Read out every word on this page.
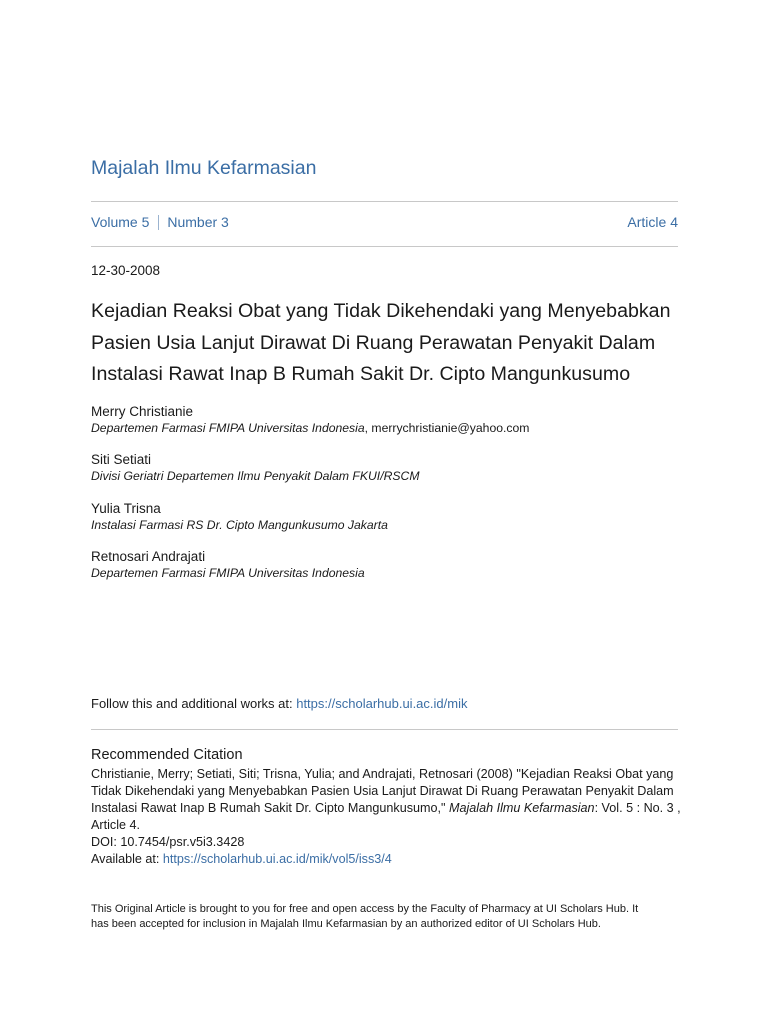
Majalah Ilmu Kefarmasian
Volume 5 Number 3	Article 4
12-30-2008
Kejadian Reaksi Obat yang Tidak Dikehendaki yang Menyebabkan
Pasien Usia Lanjut Dirawat Di Ruang Perawatan Penyakit Dalam
Instalasi Rawat Inap B Rumah Sakit Dr. Cipto Mangunkusumo
Merry Christianie
Departemen Farmasi FMIPA Universitas Indonesia, merrychristianie@yahoo.com
Siti Setiati
Divisi Geriatri Departemen Ilmu Penyakit Dalam FKUI/RSCM
Yulia Trisna
Instalasi Farmasi RS Dr. Cipto Mangunkusumo Jakarta
Retnosari Andrajati
Departemen Farmasi FMIPA Universitas Indonesia
Follow this and additional works at: https://scholarhub.ui.ac.id/mik
Recommended Citation
Christianie, Merry; Setiati, Siti; Trisna, Yulia; and Andrajati, Retnosari (2008) "Kejadian Reaksi Obat yang
Tidak Dikehendaki yang Menyebabkan Pasien Usia Lanjut Dirawat Di Ruang Perawatan Penyakit Dalam
Instalasi Rawat Inap B Rumah Sakit Dr. Cipto Mangunkusumo," Majalah Ilmu Kefarmasian: Vol. 5 : No. 3 ,
Article 4.
DOI: 10.7454/psr.v5i3.3428
Available at: https://scholarhub.ui.ac.id/mik/vol5/iss3/4
This Original Article is brought to you for free and open access by the Faculty of Pharmacy at UI Scholars Hub. It
has been accepted for inclusion in Majalah Ilmu Kefarmasian by an authorized editor of UI Scholars Hub.
